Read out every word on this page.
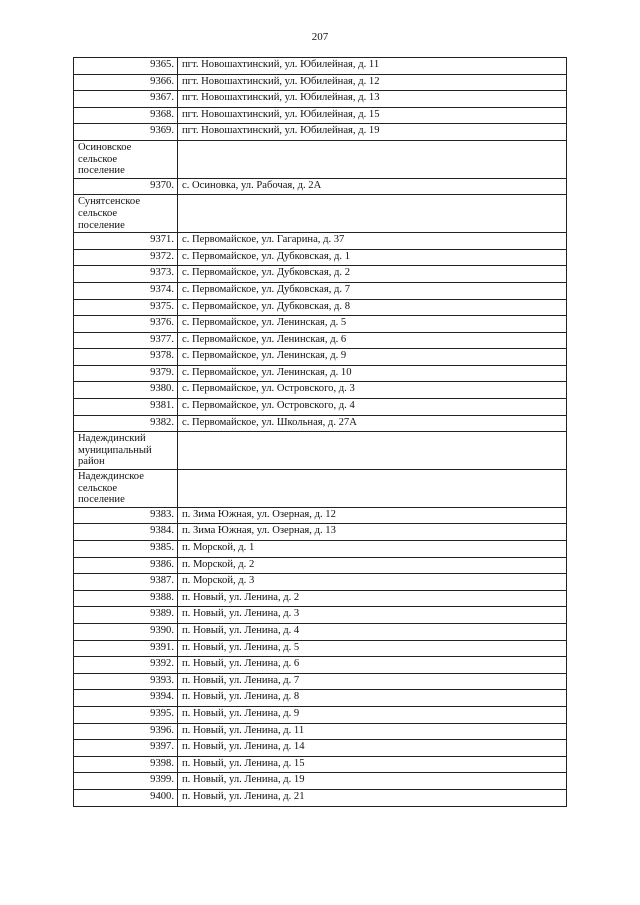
207
9365.	пгт. Новошахтинский, ул. Юбилейная, д. 11
9366.	пгт. Новошахтинский, ул. Юбилейная, д. 12
9367.	пгт. Новошахтинский, ул. Юбилейная, д. 13
9368.	пгт. Новошахтинский, ул. Юбилейная, д. 15
9369.	пгт. Новошахтинский, ул. Юбилейная, д. 19

Осиновское
сельское
поселение	

9370.	с. Осиновка, ул. Рабочая, д. 2А

Сунятсенское
сельское
поселение	

9371.	с. Первомайское, ул. Гагарина, д. 37
9372.	с. Первомайское, ул. Дубковская, д. 1
9373.	с. Первомайское, ул. Дубковская, д. 2
9374.	с. Первомайское, ул. Дубковская, д. 7
9375.	с. Первомайское, ул. Дубковская, д. 8
9376.	с. Первомайское, ул. Ленинская, д. 5
9377.	с. Первомайское, ул. Ленинская, д. 6
9378.	с. Первомайское, ул. Ленинская, д. 9
9379.	с. Первомайское, ул. Ленинская, д. 10
9380.	с. Первомайское, ул. Островского, д. 3
9381.	с. Первомайское, ул. Островского, д. 4
9382.	с. Первомайское, ул. Школьная, д. 27А

Надеждинский
муниципальный
район	

Надеждинское
сельское
поселение	

9383.	п. Зима Южная, ул. Озерная, д. 12
9384.	п. Зима Южная, ул. Озерная, д. 13
9385.	п. Морской, д. 1
9386.	п. Морской, д. 2
9387.	п. Морской, д. 3
9388.	п. Новый, ул. Ленина, д. 2
9389.	п. Новый, ул. Ленина, д. 3
9390.	п. Новый, ул. Ленина, д. 4
9391.	п. Новый, ул. Ленина, д. 5
9392.	п. Новый, ул. Ленина, д. 6
9393.	п. Новый, ул. Ленина, д. 7
9394.	п. Новый, ул. Ленина, д. 8
9395.	п. Новый, ул. Ленина, д. 9
9396.	п. Новый, ул. Ленина, д. 11
9397.	п. Новый, ул. Ленина, д. 14
9398.	п. Новый, ул. Ленина, д. 15
9399.	п. Новый, ул. Ленина, д. 19
9400.	п. Новый, ул. Ленина, д. 21
